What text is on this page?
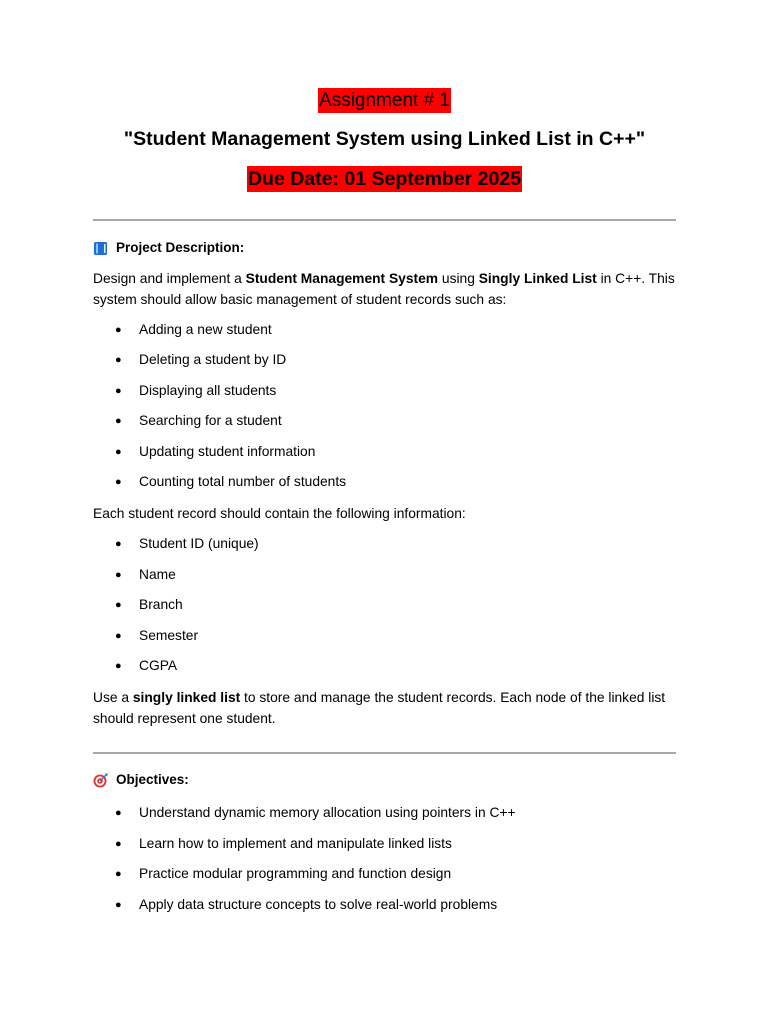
Assignment # 1
"Student Management System using Linked List in C++"
Due Date: 01 September 2025
Project Description:

Design and implement a Student Management System using Singly Linked List in C++. This system should allow basic management of student records such as:

● Adding a new student
● Deleting a student by ID
● Displaying all students
● Searching for a student
● Updating student information
● Counting total number of students

Each student record should contain the following information:

● Student ID (unique)
● Name
● Branch
● Semester
● CGPA

Use a singly linked list to store and manage the student records. Each node of the linked list should represent one student.

Objectives:
● Understand dynamic memory allocation using pointers in C++
● Learn how to implement and manipulate linked lists
● Practice modular programming and function design
● Apply data structure concepts to solve real-world problems
